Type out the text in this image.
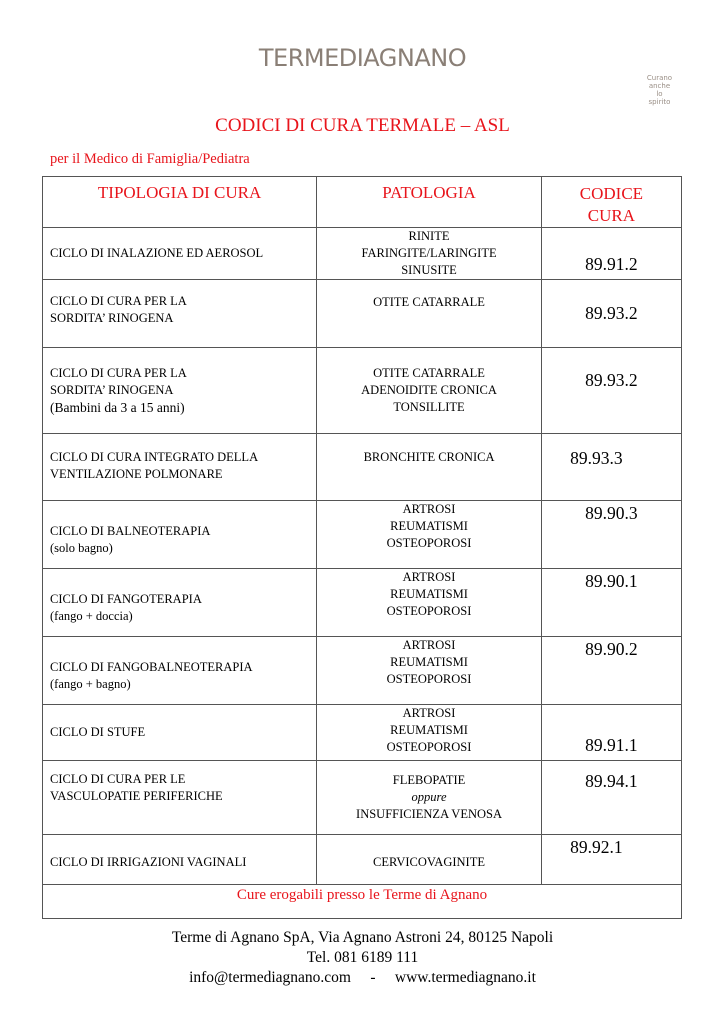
TERMEDIAGNANO
Curano anche lo spirito
CODICI DI CURA TERMALE – ASL
per il Medico di Famiglia/Pediatra
TIPOLOGIA DI CURA	PATOLOGIA	CODICE
CURA
CICLO DI INALAZIONE ED AEROSOL	RINITE
FARINGITE/LARINGITE
SINUSITE	89.91.2
CICLO DI CURA PER LA
SORDITA’ RINOGENA	OTITE CATARRALE	89.93.2
CICLO DI CURA PER LA
SORDITA’ RINOGENA
(Bambini da 3 a 15 anni)	OTITE CATARRALE
ADENOIDITE CRONICA
TONSILLITE	89.93.2
CICLO DI CURA INTEGRATO DELLA
VENTILAZIONE POLMONARE	BRONCHITE CRONICA	89.93.3
CICLO DI BALNEOTERAPIA
(solo bagno)	ARTROSI
REUMATISMI
OSTEOPOROSI	89.90.3
CICLO DI FANGOTERAPIA
(fango + doccia)	ARTROSI
REUMATISMI
OSTEOPOROSI	89.90.1
CICLO DI FANGOBALNEOTERAPIA
(fango + bagno)	ARTROSI
REUMATISMI
OSTEOPOROSI	89.90.2
CICLO DI STUFE	ARTROSI
REUMATISMI
OSTEOPOROSI	89.91.1
CICLO DI CURA PER LE
VASCULOPATIE PERIFERICHE	FLEBOPATIE
oppure
INSUFFICIENZA VENOSA	89.94.1
CICLO DI IRRIGAZIONI VAGINALI	CERVICOVAGINITE	89.92.1
Cure erogabili presso le Terme di Agnano		
Terme di Agnano SpA, Via Agnano Astroni 24, 80125 Napoli
Tel. 081 6189 111
info@termediagnano.com     -     www.termediagnano.it
